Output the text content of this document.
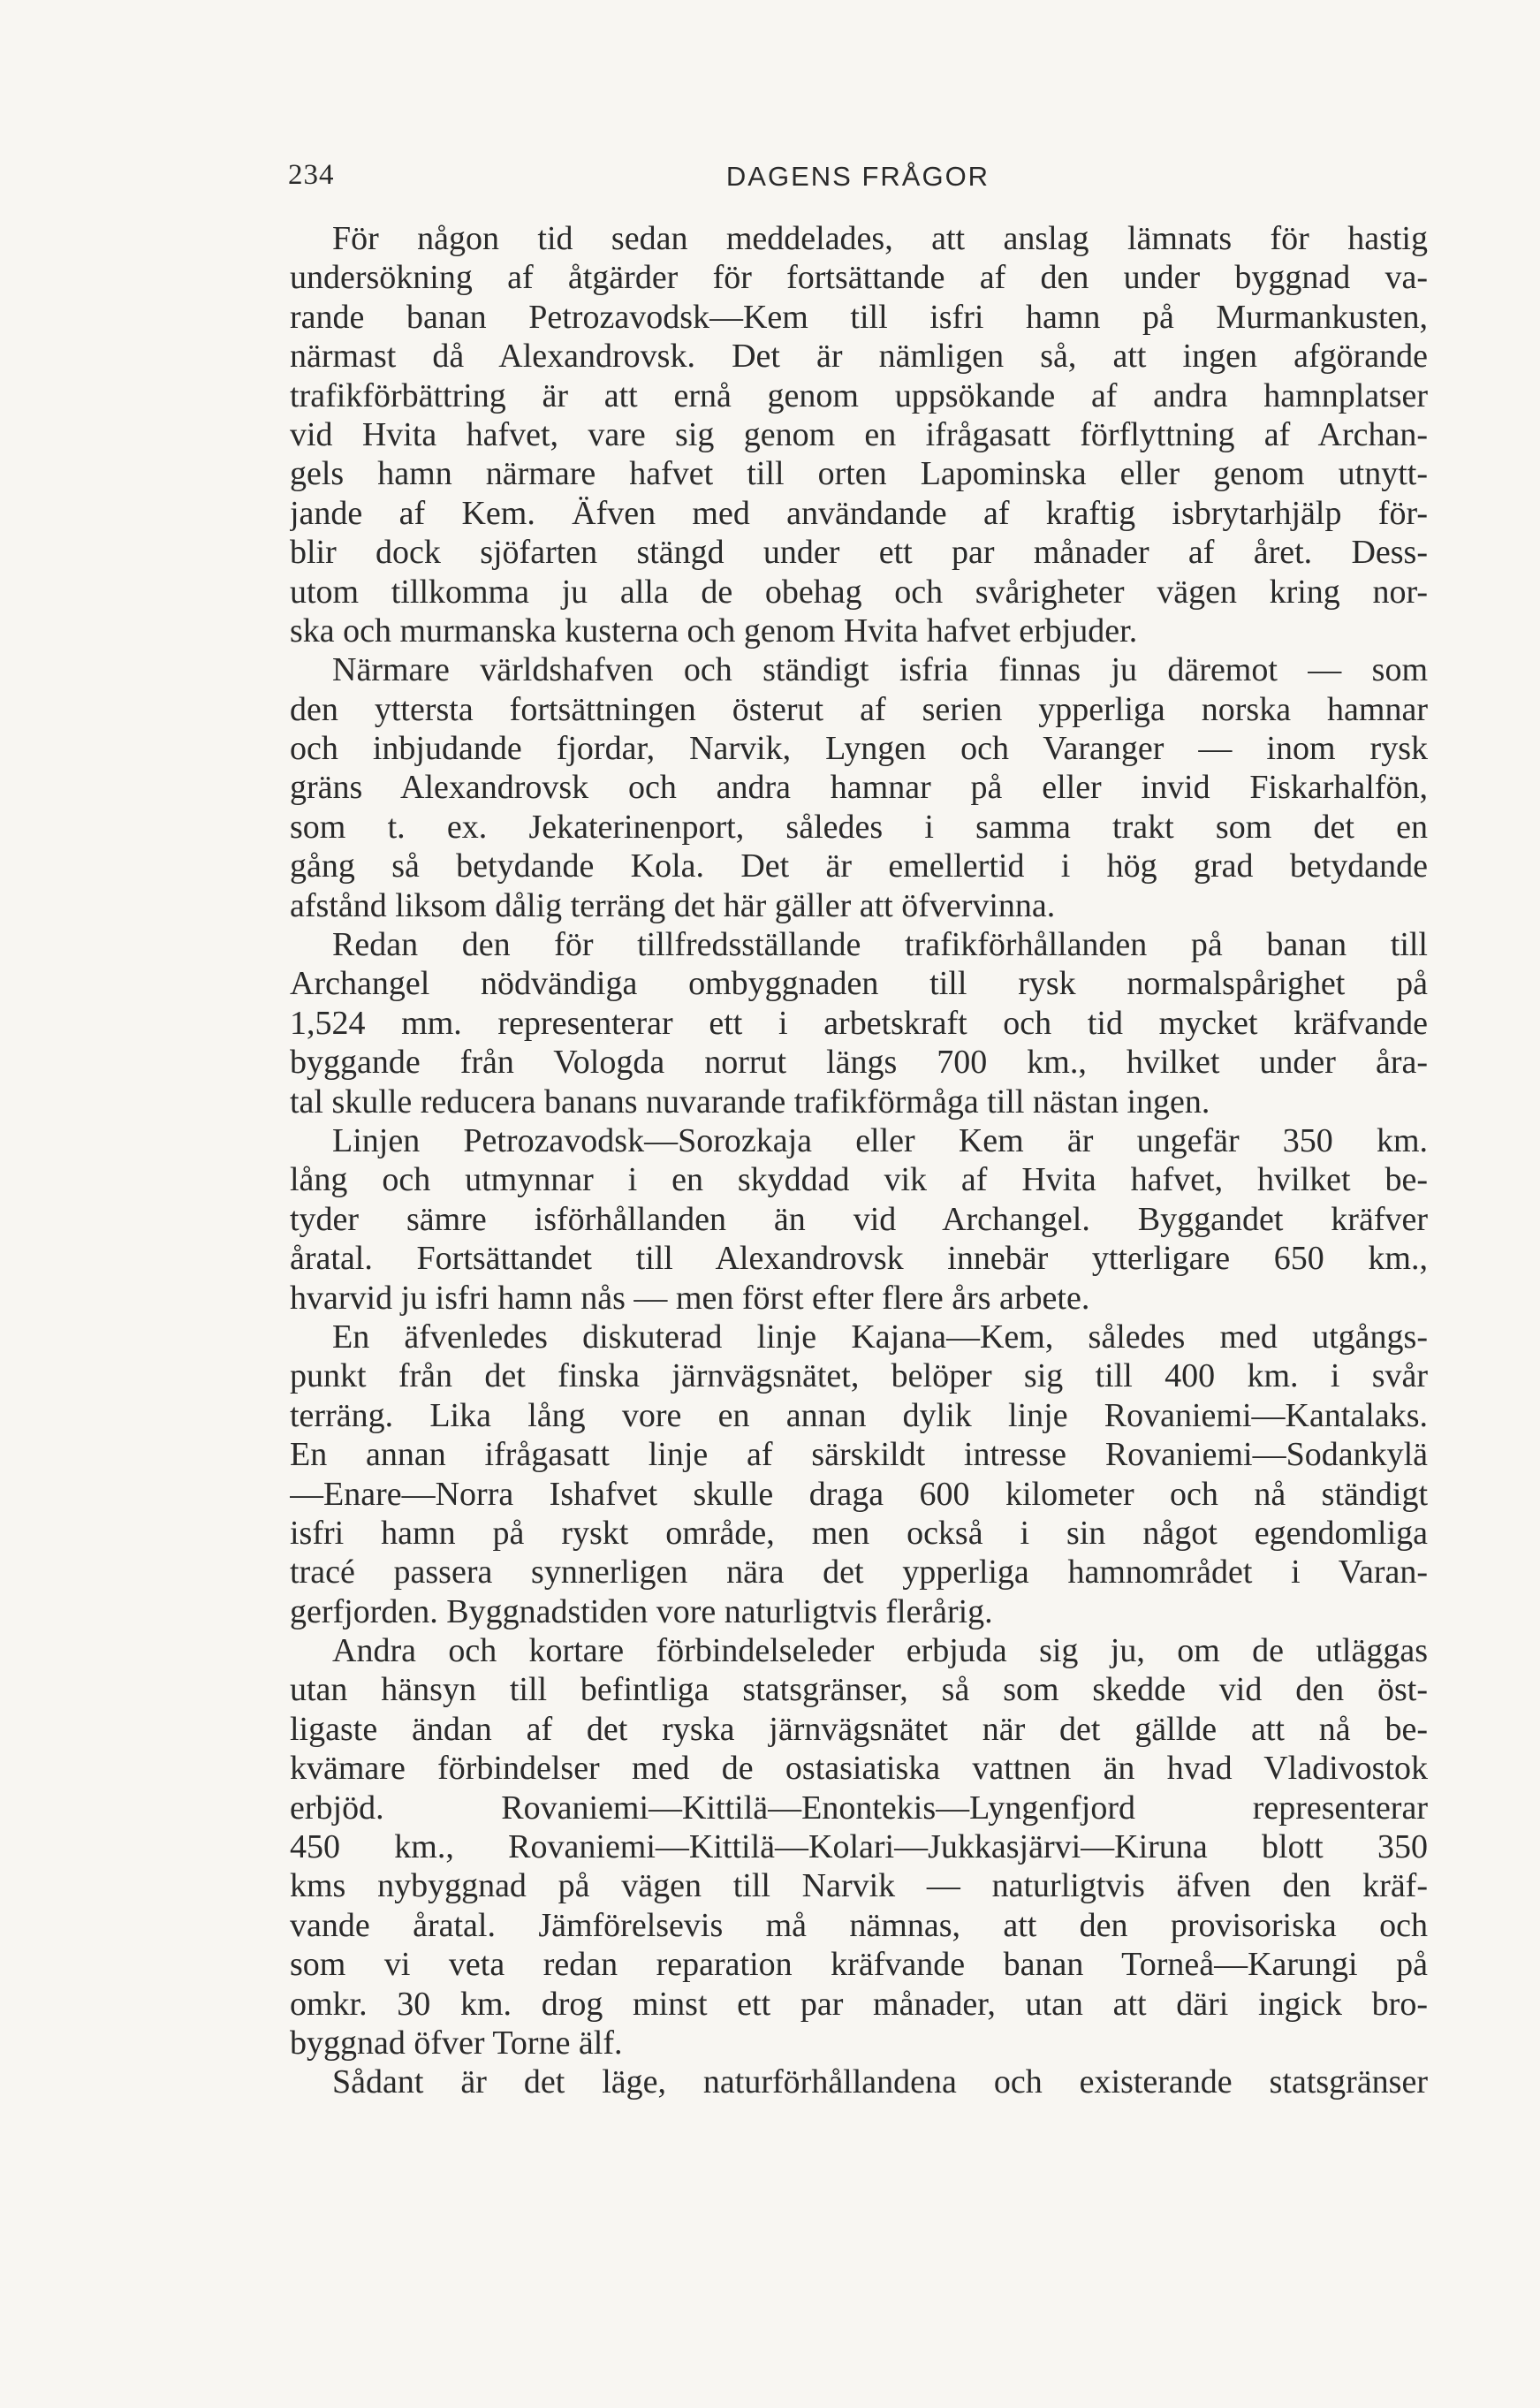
234	DAGENS FRÅGOR
För någon tid sedan meddelades, att anslag lämnats för hastig
undersökning af åtgärder för fortsättande af den under byggnad va-
rande banan Petrozavodsk—Kem till isfri hamn på Murmankusten,
närmast då Alexandrovsk. Det är nämligen så, att ingen afgörande
trafikförbättring är att ernå genom uppsökande af andra hamnplatser
vid Hvita hafvet, vare sig genom en ifrågasatt förflyttning af Archan-
gels hamn närmare hafvet till orten Lapominska eller genom utnytt-
jande af Kem. Äfven med användande af kraftig isbrytarhjälp för-
blir dock sjöfarten stängd under ett par månader af året. Dess-
utom tillkomma ju alla de obehag och svårigheter vägen kring nor-
ska och murmanska kusterna och genom Hvita hafvet erbjuder.
Närmare världshafven och ständigt isfria finnas ju däremot — som
den yttersta fortsättningen österut af serien ypperliga norska hamnar
och inbjudande fjordar, Narvik, Lyngen och Varanger — inom rysk
gräns Alexandrovsk och andra hamnar på eller invid Fiskarhalfön,
som t. ex. Jekaterinenport, således i samma trakt som det en
gång så betydande Kola. Det är emellertid i hög grad betydande
afstånd liksom dålig terräng det här gäller att öfvervinna.
Redan den för tillfredsställande trafikförhållanden på banan till
Archangel nödvändiga ombyggnaden till rysk normalspårighet på
1,524 mm. representerar ett i arbetskraft och tid mycket kräfvande
byggande från Vologda norrut längs 700 km., hvilket under åra-
tal skulle reducera banans nuvarande trafikförmåga till nästan ingen.
Linjen Petrozavodsk—Sorozkaja eller Kem är ungefär 350 km.
lång och utmynnar i en skyddad vik af Hvita hafvet, hvilket be-
tyder sämre isförhållanden än vid Archangel. Byggandet kräfver
åratal. Fortsättandet till Alexandrovsk innebär ytterligare 650 km.,
hvarvid ju isfri hamn nås — men först efter flere års arbete.
En äfvenledes diskuterad linje Kajana—Kem, således med utgångs-
punkt från det finska järnvägsnätet, belöper sig till 400 km. i svår
terräng. Lika lång vore en annan dylik linje Rovaniemi—Kantalaks.
En annan ifrågasatt linje af särskildt intresse Rovaniemi—Sodankylä
—Enare—Norra Ishafvet skulle draga 600 kilometer och nå ständigt
isfri hamn på ryskt område, men också i sin något egendomliga
tracé passera synnerligen nära det ypperliga hamnområdet i Varan-
gerfjorden. Byggnadstiden vore naturligtvis flerårig.
Andra och kortare förbindelseleder erbjuda sig ju, om de utläggas
utan hänsyn till befintliga statsgränser, så som skedde vid den öst-
ligaste ändan af det ryska järnvägsnätet när det gällde att nå be-
kvämare förbindelser med de ostasiatiska vattnen än hvad Vladivostok
erbjöd. Rovaniemi—Kittilä—Enontekis—Lyngenfjord representerar
450 km., Rovaniemi—Kittilä—Kolari—Jukkasjärvi—Kiruna blott 350
kms nybyggnad på vägen till Narvik — naturligtvis äfven den kräf-
vande åratal. Jämförelsevis må nämnas, att den provisoriska och
som vi veta redan reparation kräfvande banan Torneå—Karungi på
omkr. 30 km. drog minst ett par månader, utan att däri ingick bro-
byggnad öfver Torne älf.
Sådant är det läge, naturförhållandena och existerande statsgränser
